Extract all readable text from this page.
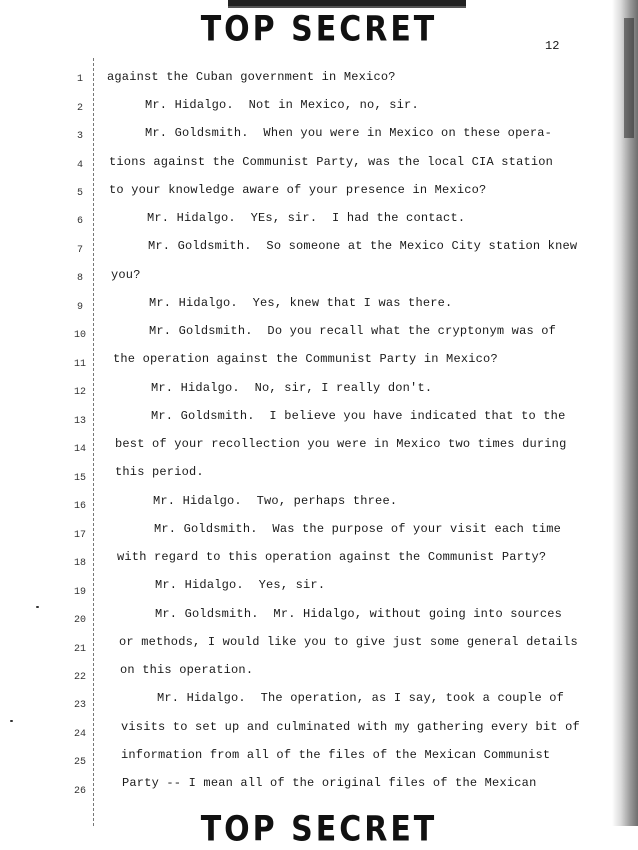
TOP SECRET	12
1	against the Cuban government in Mexico?
2	Mr. Hidalgo.  Not in Mexico, no, sir.
3	Mr. Goldsmith.  When you were in Mexico on these opera-
4	tions against the Communist Party, was the local CIA station
5	to your knowledge aware of your presence in Mexico?
6	Mr. Hidalgo.  YEs, sir.  I had the contact.
7	Mr. Goldsmith.  So someone at the Mexico City station knew
8	you?
9	Mr. Hidalgo.  Yes, knew that I was there.
10 Mr. Goldsmith.  Do you recall what the cryptonym was of
11 the operation against the Communist Party in Mexico?
12 Mr. Hidalgo.  No, sir, I really don't.
13 Mr. Goldsmith.  I believe you have indicated that to the
14 best of your recollection you were in Mexico two times during
15 this period.
16	Mr. Hidalgo.  Two, perhaps three.
17	Mr. Goldsmith.  Was the purpose of your visit each time
18	with regard to this operation against the Communist Party?
19	Mr. Hidalgo.  Yes, sir.
20	Mr. Goldsmith.  Mr. Hidalgo, without going into sources
21
or methods, I would like you to give just some general details
22
on this operation.
23
Mr. Hidalgo.  The operation, as I say, took a couple of
24
visits to set up and culminated with my gathering every bit of
25
information from all of the files of the Mexican Communist
26
Party -- I mean all of the original files of the Mexican
TOP SECRET
